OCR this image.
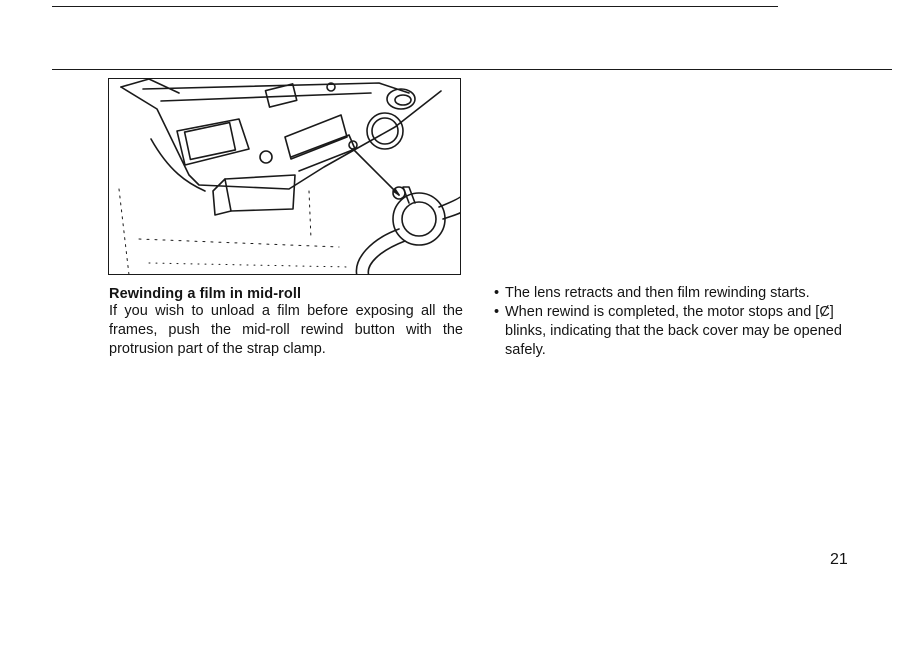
Rewinding a film in mid-roll

If you wish to unload a film before exposing all the frames, push the mid-roll rewind button with the protrusion part of the strap clamp.

• The lens retracts and then film rewinding starts.
• When rewind is completed, the motor stops and [Ȼ] blinks, indicating that the back cover may be opened safely.
21
